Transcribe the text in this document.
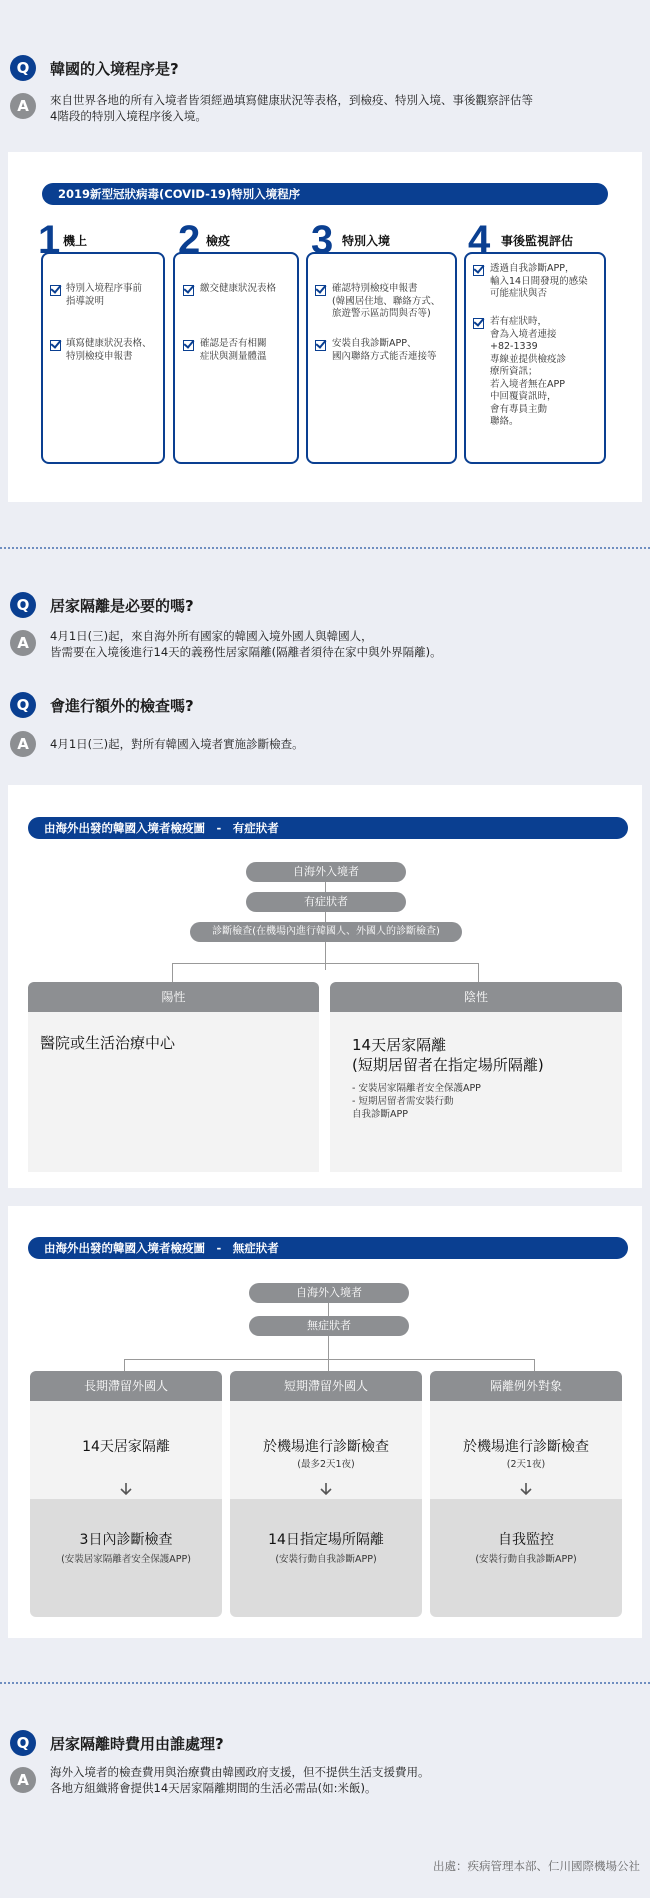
Q	韓國的入境程序是?
A	來自世界各地的所有入境者皆須經過填寫健康狀況等表格，到檢疫、特別入境、事後觀察評估等
4階段的特別入境程序後入境。
2019新型冠狀病毒(COVID-19)特別入境程序
1 機上
特別入境程序事前
指導說明
填寫健康狀況表格、
特別檢疫申報書
2 檢疫
繳交健康狀況表格
確認是否有相關
症狀與測量體溫
3 特別入境
確認特別檢疫申報書
(韓國居住地、聯絡方式、
旅遊警示區訪問與否等)
安裝自我診斷APP、
國內聯絡方式能否連接等
4 事後監視評估
透過自我診斷APP，
輸入14日間發現的感染
可能症狀與否
若有症狀時，
會為入境者連接
+82-1339
專線並提供檢疫診
療所資訊；
若入境者無在APP
中回覆資訊時，
會有專員主動
聯絡。
Q	居家隔離是必要的嗎?
A	4月1日(三)起，來自海外所有國家的韓國入境外國人與韓國人，
皆需要在入境後進行14天的義務性居家隔離(隔離者須待在家中與外界隔離)。
Q	會進行額外的檢查嗎?
A	4月1日(三)起，對所有韓國入境者實施診斷檢查。
由海外出發的韓國入境者檢疫圖　-　有症狀者
自海外入境者
有症狀者
診斷檢查(在機場內進行韓國人、外國人的診斷檢查)
陽性
醫院或生活治療中心
陰性
14天居家隔離
(短期居留者在指定場所隔離)
- 安裝居家隔離者安全保護APP
- 短期居留者需安裝行動
自我診斷APP
由海外出發的韓國入境者檢疫圖　-　無症狀者
自海外入境者
無症狀者
長期滯留外國人
14天居家隔離
3日內診斷檢查
(安裝居家隔離者安全保護APP)
短期滯留外國人
於機場進行診斷檢查
(最多2天1夜)
14日指定場所隔離
(安裝行動自我診斷APP)
隔離例外對象
於機場進行診斷檢查
(2天1夜)
自我監控
(安裝行動自我診斷APP)
Q	居家隔離時費用由誰處理?
A	海外入境者的檢查費用與治療費由韓國政府支援，但不提供生活支援費用。
各地方組織將會提供14天居家隔離期間的生活必需品(如:米飯)。
出處：疾病管理本部、仁川國際機場公社
